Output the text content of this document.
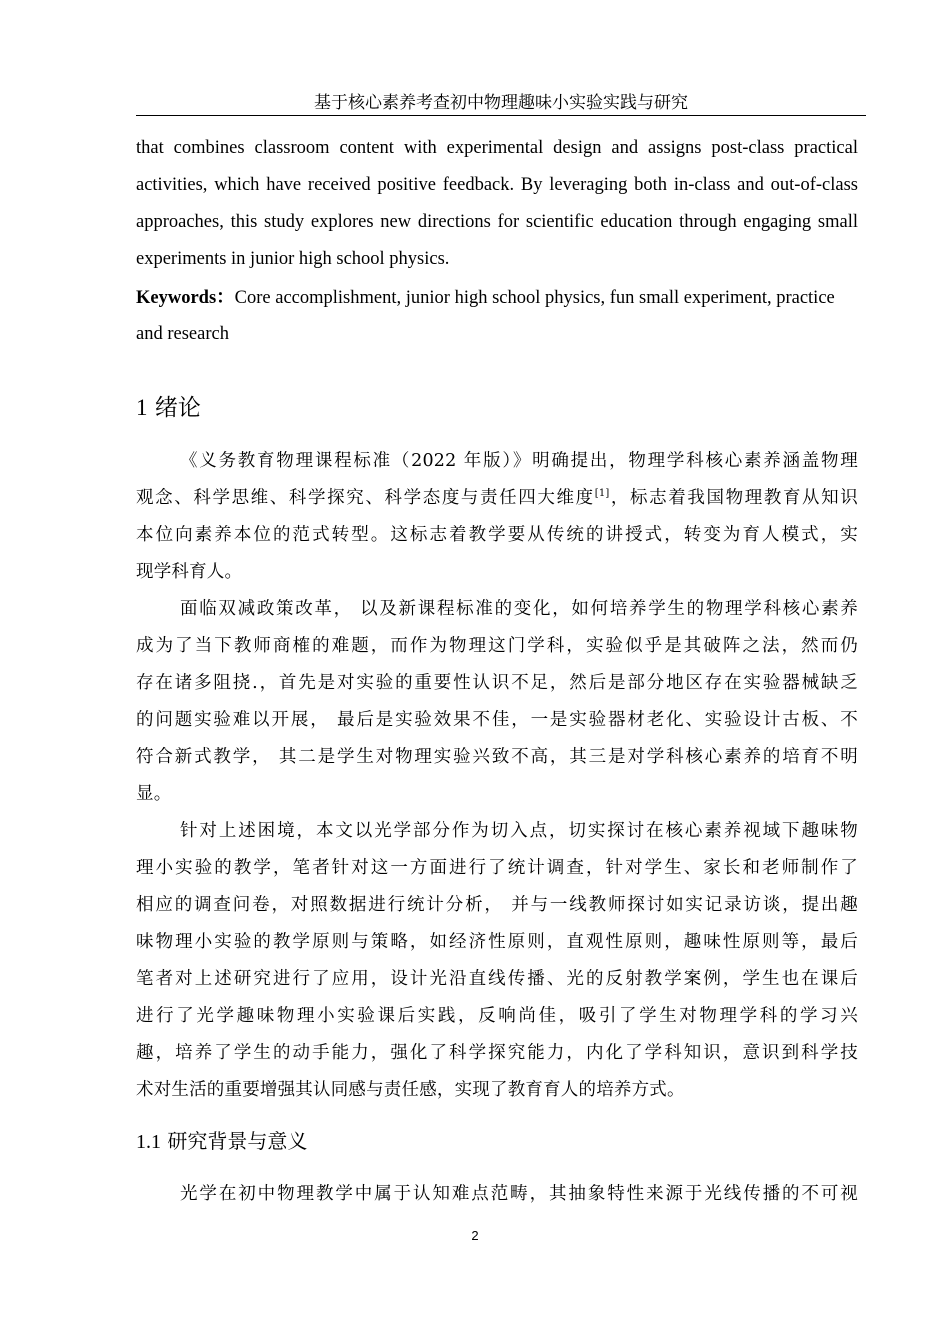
基于核心素养考查初中物理趣味小实验实践与研究
that combines classroom content with experimental design and assigns post-class practical
activities, which have received positive feedback. By leveraging both in-class and out-of-class
approaches, this study explores new directions for scientific education through engaging small
experiments in junior high school physics.
Keywords：Core accomplishment, junior high school physics, fun small experiment, practice
and research
1 绪论
《义务教育物理课程标准（2022 年版）》明确提出，物理学科核心素养涵盖物理
观念、科学思维、科学探究、科学态度与责任四大维度[1]，标志着我国物理教育从知识
本位向素养本位的范式转型。这标志着教学要从传统的讲授式，转变为育人模式，实
现学科育人。
面临双减政策改革， 以及新课程标准的变化，如何培养学生的物理学科核心素养
成为了当下教师商榷的难题，而作为物理这门学科，实验似乎是其破阵之法，然而仍
存在诸多阻挠.，首先是对实验的重要性认识不足，然后是部分地区存在实验器械缺乏
的问题实验难以开展， 最后是实验效果不佳，一是实验器材老化、实验设计古板、不
符合新式教学， 其二是学生对物理实验兴致不高，其三是对学科核心素养的培育不明
显。
针对上述困境，本文以光学部分作为切入点，切实探讨在核心素养视域下趣味物
理小实验的教学，笔者针对这一方面进行了统计调查，针对学生、家长和老师制作了
相应的调查问卷，对照数据进行统计分析， 并与一线教师探讨如实记录访谈，提出趣
味物理小实验的教学原则与策略，如经济性原则，直观性原则，趣味性原则等，最后
笔者对上述研究进行了应用，设计光沿直线传播、光的反射教学案例，学生也在课后
进行了光学趣味物理小实验课后实践，反响尚佳，吸引了学生对物理学科的学习兴
趣，培养了学生的动手能力，强化了科学探究能力，内化了学科知识，意识到科学技
术对生活的重要增强其认同感与责任感，实现了教育育人的培养方式。
1.1 研究背景与意义
光学在初中物理教学中属于认知难点范畴，其抽象特性来源于光线传播的不可视
2
